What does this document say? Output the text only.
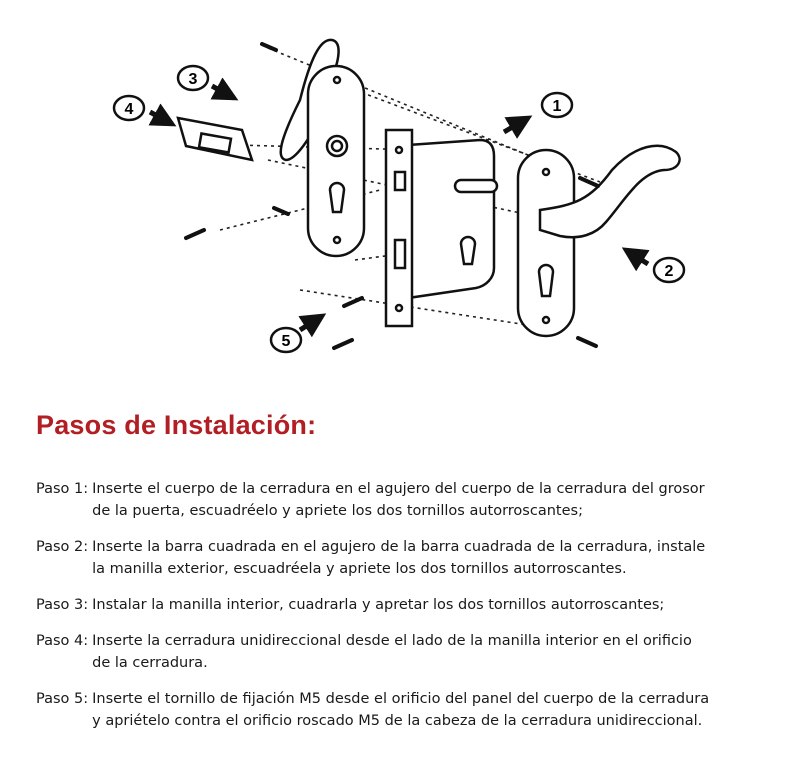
1
2
3
4
5
Pasos de Instalación:
Paso 1: Inserte el cuerpo de la cerradura en el agujero del cuerpo de la cerradura del grosor
de la puerta, escuadréelo y apriete los dos tornillos autorroscantes;
Paso 2: Inserte la barra cuadrada en el agujero de la barra cuadrada de la cerradura, instale
la manilla exterior, escuadréela y apriete los dos tornillos autorroscantes.
Paso 3: Instalar la manilla interior, cuadrarla y apretar los dos tornillos autorroscantes;
Paso 4: Inserte la cerradura unidireccional desde el lado de la manilla interior en el orificio
de la cerradura.
Paso 5: Inserte el tornillo de fijación M5 desde el orificio del panel del cuerpo de la cerradura
y apriételo contra el orificio roscado M5 de la cabeza de la cerradura unidireccional.
